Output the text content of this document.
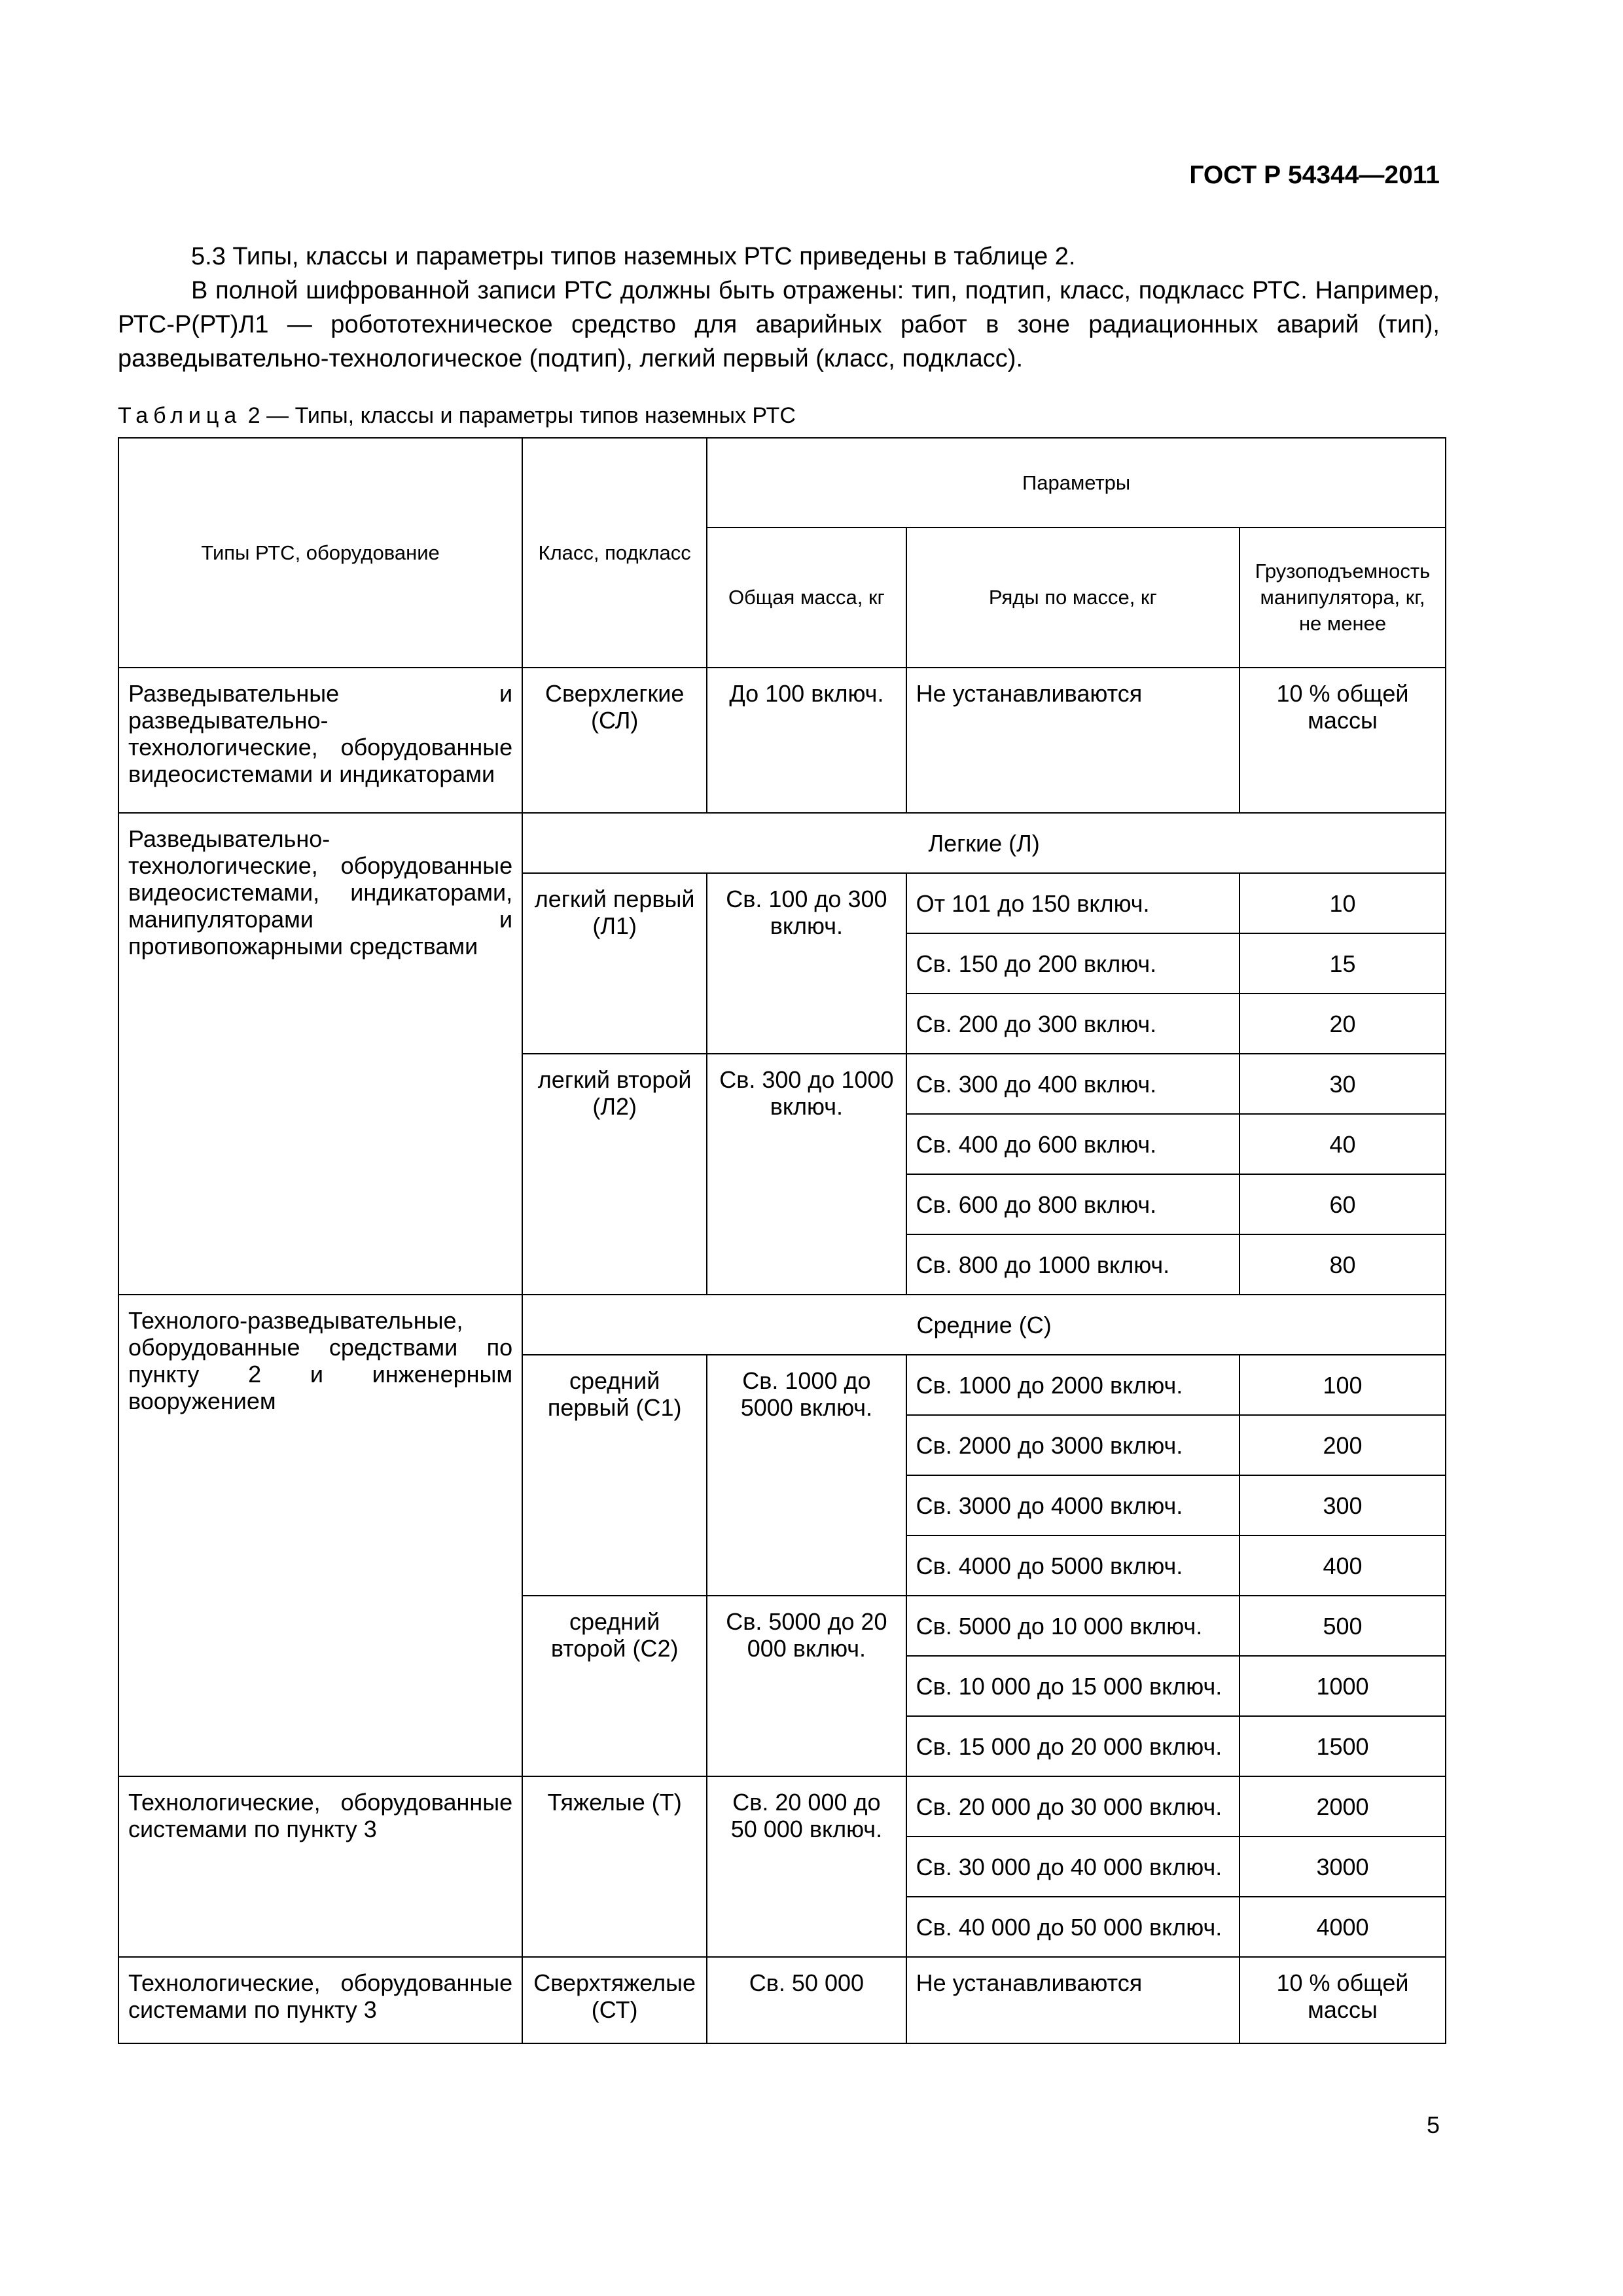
ГОСТ Р 54344—2011
5.3 Типы, классы и параметры типов наземных РТС приведены в таблице 2.
В полной шифрованной записи РТС должны быть отражены: тип, подтип, класс, подкласс РТС. Например, РТС-Р(РТ)Л1 — робототехническое средство для аварийных работ в зоне радиационных аварий (тип), разведывательно-технологическое (подтип), легкий первый (класс, подкласс).
Таблица 2 — Типы, классы и параметры типов наземных РТС
Типы РТС, оборудование	Класс, подкласс	Параметры		
		Общая масса, кг	Ряды по массе, кг	Грузоподъемность манипулятора, кг, не менее
Разведывательные и разведывательно-технологические, оборудованные видеосистемами и индикаторами	Сверхлегкие (СЛ)	До 100 включ.	Не устанавливаются	10 % общей массы
Разведывательно-технологические, оборудованные видеосистемами, индикаторами, манипуляторами и противопожарными средствами	Легкие (Л)			
	легкий первый (Л1)	Св. 100 до 300 включ.	От 101 до 150 включ.	10
			Св. 150 до 200 включ.	15
			Св. 200 до 300 включ.	20
	легкий второй (Л2)	Св. 300 до 1000 включ.	Св. 300 до 400 включ.	30
			Св. 400 до 600 включ.	40
			Св. 600 до 800 включ.	60
			Св. 800 до 1000 включ.	80
Технолого-разведывательные, оборудованные средствами по пункту 2 и инженерным вооружением	Средние (С)			
	средний первый (С1)	Св. 1000 до 5000 включ.	Св. 1000 до 2000 включ.	100
			Св. 2000 до 3000 включ.	200
			Св. 3000 до 4000 включ.	300
			Св. 4000 до 5000 включ.	400
	средний второй (С2)	Св. 5000 до 20 000 включ.	Св. 5000 до 10 000 включ.	500
			Св. 10 000 до 15 000 включ.	1000
			Св. 15 000 до 20 000 включ.	1500
Технологические, оборудованные системами по пункту 3	Тяжелые (Т)	Св. 20 000 до 50 000 включ.	Св. 20 000 до 30 000 включ.	2000
			Св. 30 000 до 40 000 включ.	3000
			Св. 40 000 до 50 000 включ.	4000
Технологические, оборудованные системами по пункту 3	Сверхтяжелые (СТ)	Св. 50 000	Не устанавливаются	10 % общей массы
5
